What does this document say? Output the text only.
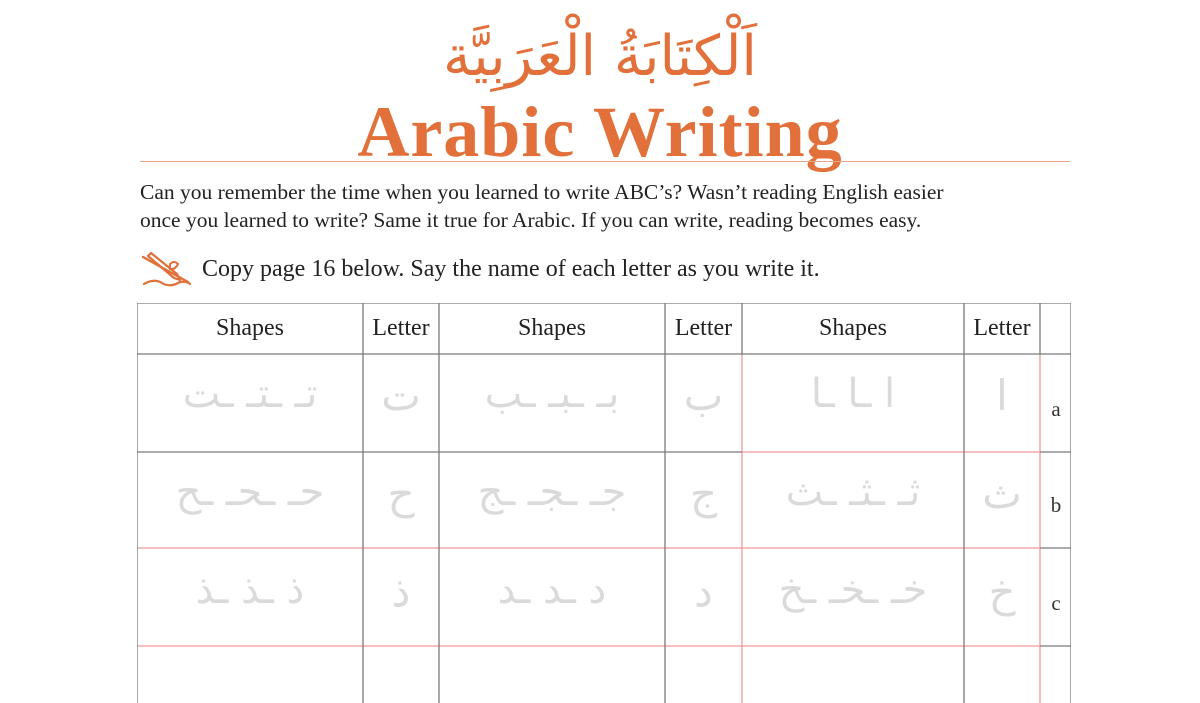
اَلْكِتَابَةُ الْعَرَبِيَّة
Arabic Writing
Can you remember the time when you learned to write ABC’s? Wasn’t reading English easier
once you learned to write? Same it true for Arabic. If you can write, reading becomes easy.
Copy page 16 below. Say the name of each letter as you write it.
Shapes	Letter	Shapes	Letter	Shapes	Letter
تـ ـتـ ـت	ت	بـ ـبـ ـب	ب	ا ـا ـا	ا	a
حـ ـحـ ـح	ح	جـ ـجـ ـج	ج	ثـ ـثـ ـث	ث	b
ذ ـذ ـذ	ذ	د ـد ـد	د	خـ ـخـ ـخ	خ	c
